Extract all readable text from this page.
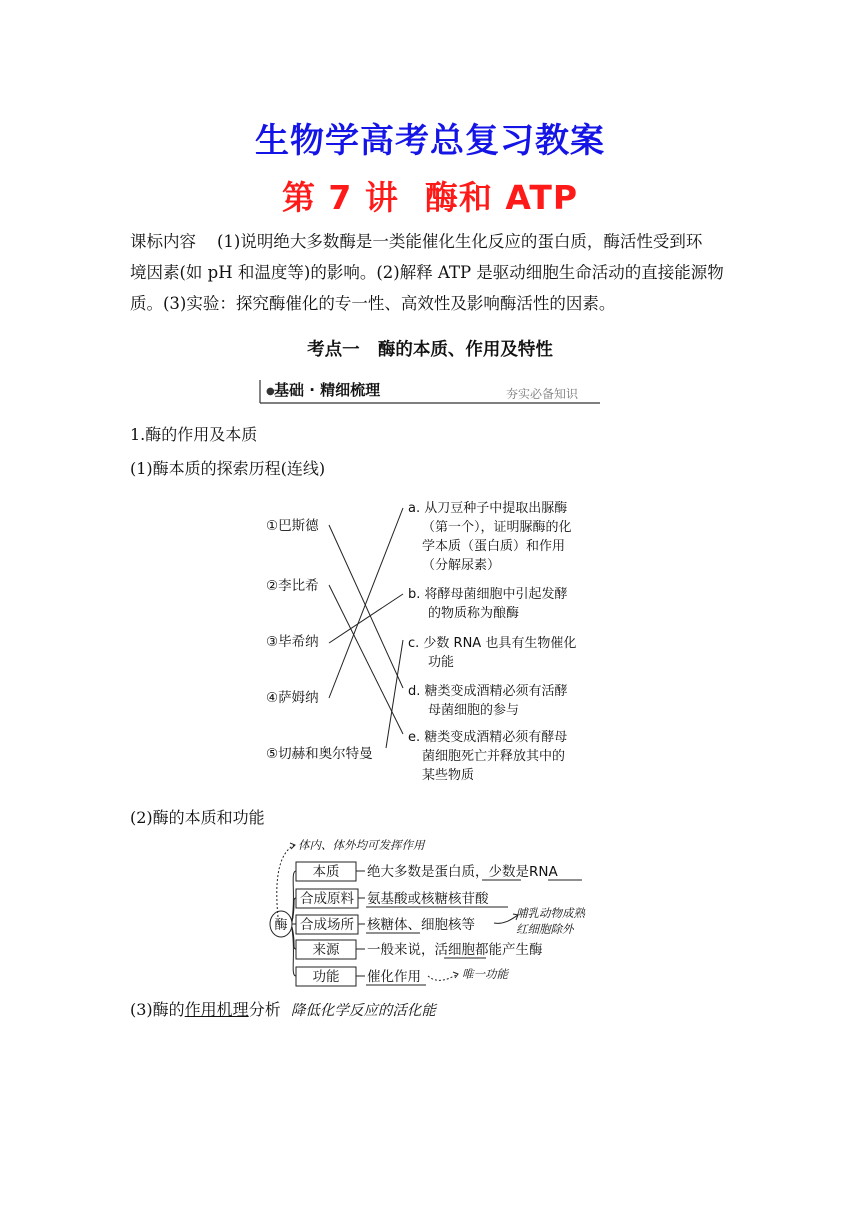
生物学高考总复习教案
第 7 讲 酶和 ATP
课标内容 (1)说明绝大多数酶是一类能催化生化反应的蛋白质，酶活性受到环
境因素(如 pH 和温度等)的影响。(2)解释 ATP 是驱动细胞生命活动的直接能源物
质。(3)实验：探究酶催化的专一性、高效性及影响酶活性的因素。
考点一 酶的本质、作用及特性
● 基础 · 精细梳理	夯实必备知识
1.酶的作用及本质
(1)酶本质的探索历程(连线)
①巴斯德
②李比希
③毕希纳
④萨姆纳
⑤切赫和奥尔特曼
a. 从刀豆种子中提取出脲酶
（第一个），证明脲酶的化
学本质（蛋白质）和作用
（分解尿素）
b. 将酵母菌细胞中引起发酵
的物质称为酿酶
c. 少数 RNA 也具有生物催化
功能
d. 糖类变成酒精必须有活酵
母菌细胞的参与
e. 糖类变成酒精必须有酵母
菌细胞死亡并释放其中的
某些物质
(2)酶的本质和功能
酶
本质
合成原料
合成场所
来源
功能
绝大多数是蛋白质，少数是RNA
氨基酸或核糖核苷酸
核糖体、细胞核等
一般来说，活细胞都能产生酶
催化作用
体内、体外均可发挥作用
哺乳动物成熟
红细胞除外
唯一功能
(3)酶的作用机理分析 降低化学反应的活化能
